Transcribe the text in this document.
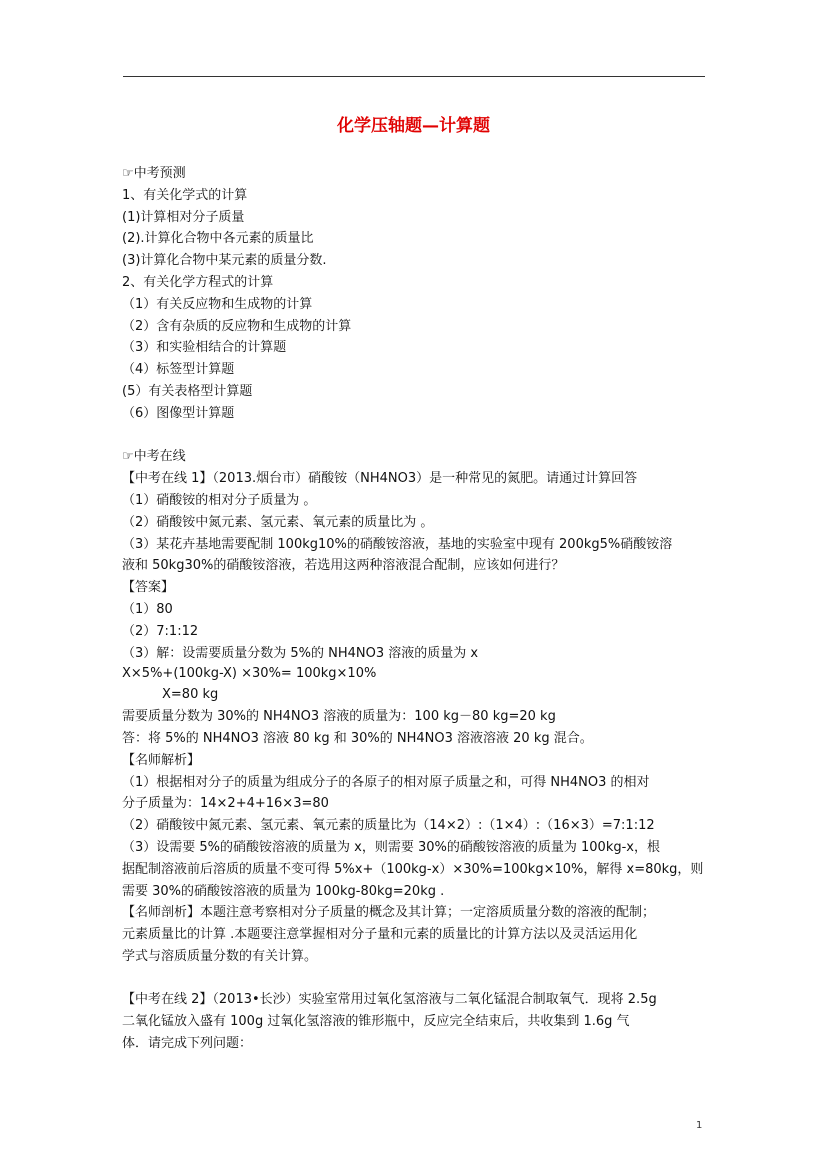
化学压轴题—计算题
☞中考预测
1、有关化学式的计算
(1)计算相对分子质量
(2).计算化合物中各元素的质量比
(3)计算化合物中某元素的质量分数.
2、有关化学方程式的计算
（1）有关反应物和生成物的计算
（2）含有杂质的反应物和生成物的计算
（3）和实验相结合的计算题
（4）标签型计算题
(5）有关表格型计算题
（6）图像型计算题
☞中考在线
【中考在线 1】（2013.烟台市）硝酸铵（NH4NO3）是一种常见的氮肥。请通过计算回答
（1）硝酸铵的相对分子质量为 。
（2）硝酸铵中氮元素、氢元素、氧元素的质量比为 。
（3）某花卉基地需要配制 100kg10%的硝酸铵溶液，基地的实验室中现有 200kg5%硝酸铵溶
液和 50kg30%的硝酸铵溶液，若选用这两种溶液混合配制，应该如何进行？
【答案】
（1）80
（2）7:1:12
（3）解：设需要质量分数为 5%的 NH4NO3 溶液的质量为 x
X×5%+(100kg-X) ×30%= 100kg×10%
X=80 kg
需要质量分数为 30%的 NH4NO3 溶液的质量为：100 kg－80 kg=20 kg
答：将 5%的 NH4NO3 溶液 80 kg 和 30%的 NH4NO3 溶液溶液 20 kg 混合。
【名师解析】
（1）根据相对分子的质量为组成分子的各原子的相对原子质量之和，可得 NH4NO3 的相对
分子质量为：14×2+4+16×3=80
（2）硝酸铵中氮元素、氢元素、氧元素的质量比为（14×2）:（1×4）:（16×3）=7:1:12
（3）设需要 5%的硝酸铵溶液的质量为 x，则需要 30%的硝酸铵溶液的质量为 100kg-x，根
据配制溶液前后溶质的质量不变可得 5%x+（100kg-x）×30%=100kg×10%，解得 x=80kg，则
需要 30%的硝酸铵溶液的质量为 100kg-80kg=20kg .
【名师剖析】本题注意考察相对分子质量的概念及其计算；一定溶质质量分数的溶液的配制；
元素质量比的计算 .本题要注意掌握相对分子量和元素的质量比的计算方法以及灵活运用化
学式与溶质质量分数的有关计算。
【中考在线 2】（2013•长沙）实验室常用过氧化氢溶液与二氧化锰混合制取氧气．现将 2.5g
二氧化锰放入盛有 100g 过氧化氢溶液的锥形瓶中，反应完全结束后，共收集到 1.6g 气
体．请完成下列问题：
1
